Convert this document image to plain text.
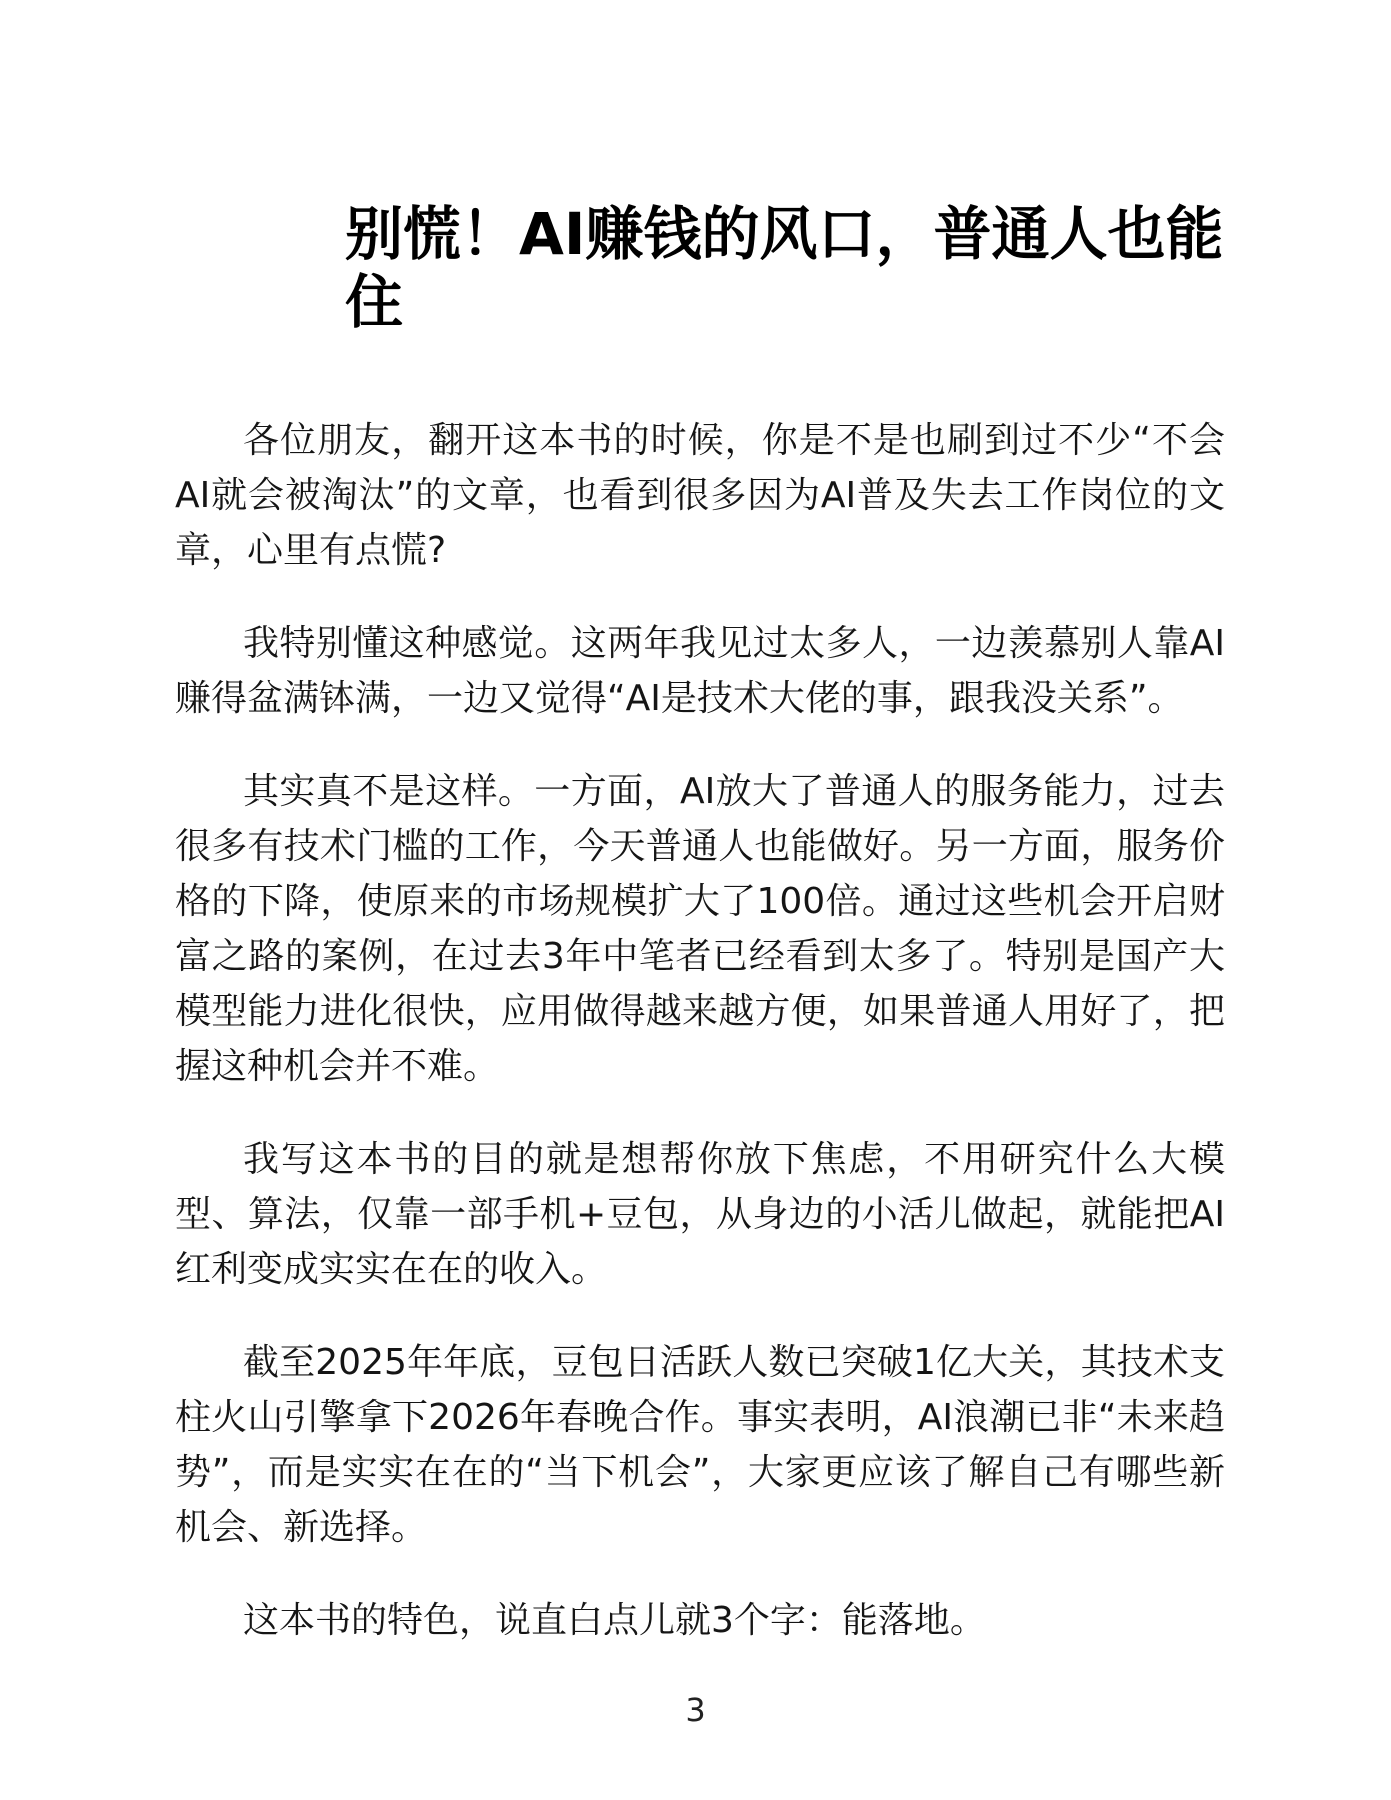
别慌！AI赚钱的风口，普通人也能住

各位朋友，翻开这本书的时候，你是不是也刷到过不少“不会AI就会被淘汰”的文章，也看到很多因为AI普及失去工作岗位的文章，心里有点慌?

我特别懂这种感觉。这两年我见过太多人，一边羡慕别人靠AI赚得盆满钵满，一边又觉得“AI是技术大佬的事，跟我没关系”。

其实真不是这样。一方面，AI放大了普通人的服务能力，过去很多有技术门槛的工作，今天普通人也能做好。另一方面，服务价格的下降，使原来的市场规模扩大了100倍。通过这些机会开启财富之路的案例，在过去3年中笔者已经看到太多了。特别是国产大模型能力进化很快，应用做得越来越方便，如果普通人用好了，把握这种机会并不难。

我写这本书的目的就是想帮你放下焦虑，不用研究什么大模型、算法，仅靠一部手机+豆包，从身边的小活儿做起，就能把AI红利变成实实在在的收入。

截至2025年年底，豆包日活跃人数已突破1亿大关，其技术支柱火山引擎拿下2026年春晚合作。事实表明，AI浪潮已非“未来趋势”，而是实实在在的“当下机会”，大家更应该了解自己有哪些新机会、新选择。

这本书的特色，说直白点儿就3个字：能落地。

3
